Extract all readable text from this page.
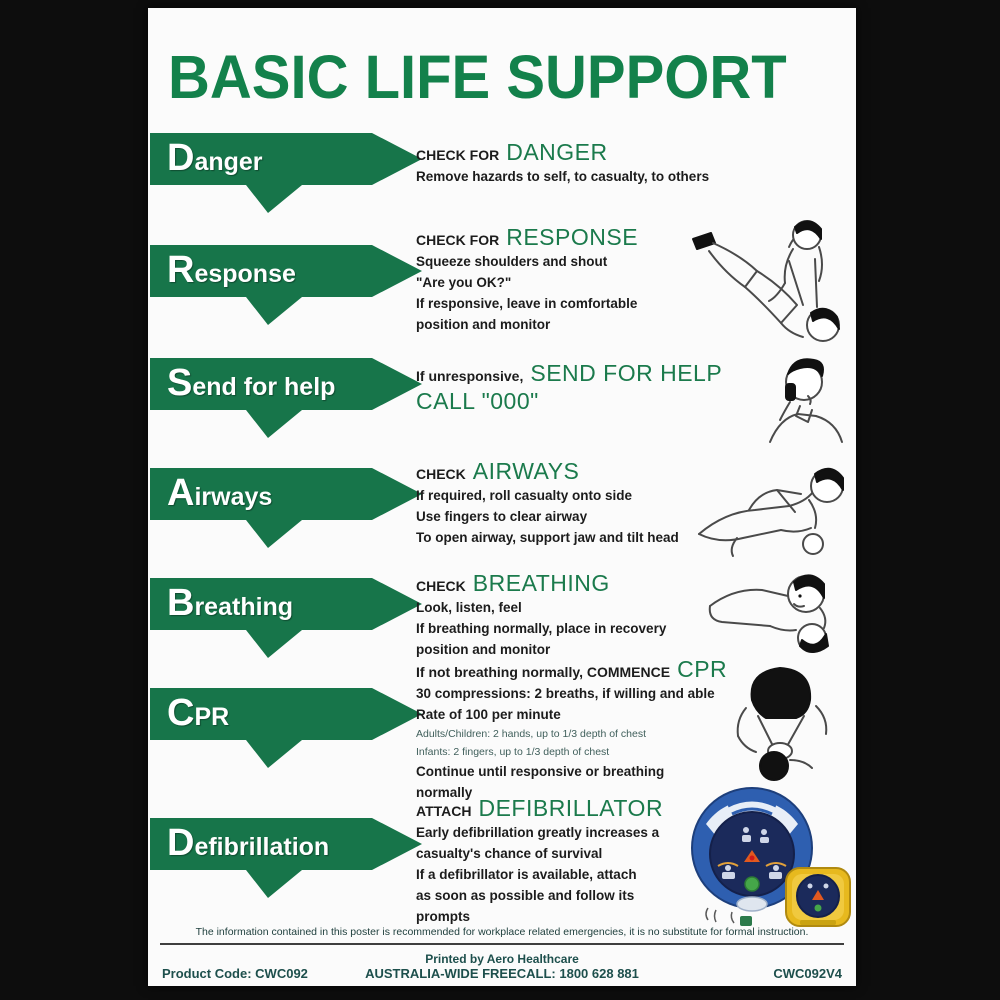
BASIC LIFE SUPPORT
Danger	CHECK FOR DANGER
Remove hazards to self, to casualty, to others
Response
CHECK FOR RESPONSE
Squeeze shoulders and shout
"Are you OK?"
If responsive, leave in comfortable
position and monitor
Send for help	If unresponsive, SEND FOR HELP
CALL "000"
Airways
CHECK AIRWAYS
If required, roll casualty onto side
Use fingers to clear airway
To open airway, support jaw and tilt head
Breathing
CHECK BREATHING
Look, listen, feel
If breathing normally, place in recovery
position and monitor
CPR
If not breathing normally, COMMENCE CPR
30 compressions: 2 breaths, if willing and able
Rate of 100 per minute
Adults/Children: 2 hands, up to 1/3 depth of chest
Infants: 2 fingers, up to 1/3 depth of chest
Continue until responsive or breathing
normally
Defibrillation
ATTACH DEFIBRILLATOR
Early defibrillation greatly increases a
casualty's chance of survival
If a defibrillator is available, attach
as soon as possible and follow its
prompts
The information contained in this poster is recommended for workplace related emergencies, it is no substitute for formal instruction.
Printed by Aero Healthcare
Product Code: CWC092	AUSTRALIA-WIDE FREECALL: 1800 628 881	CWC092V4
